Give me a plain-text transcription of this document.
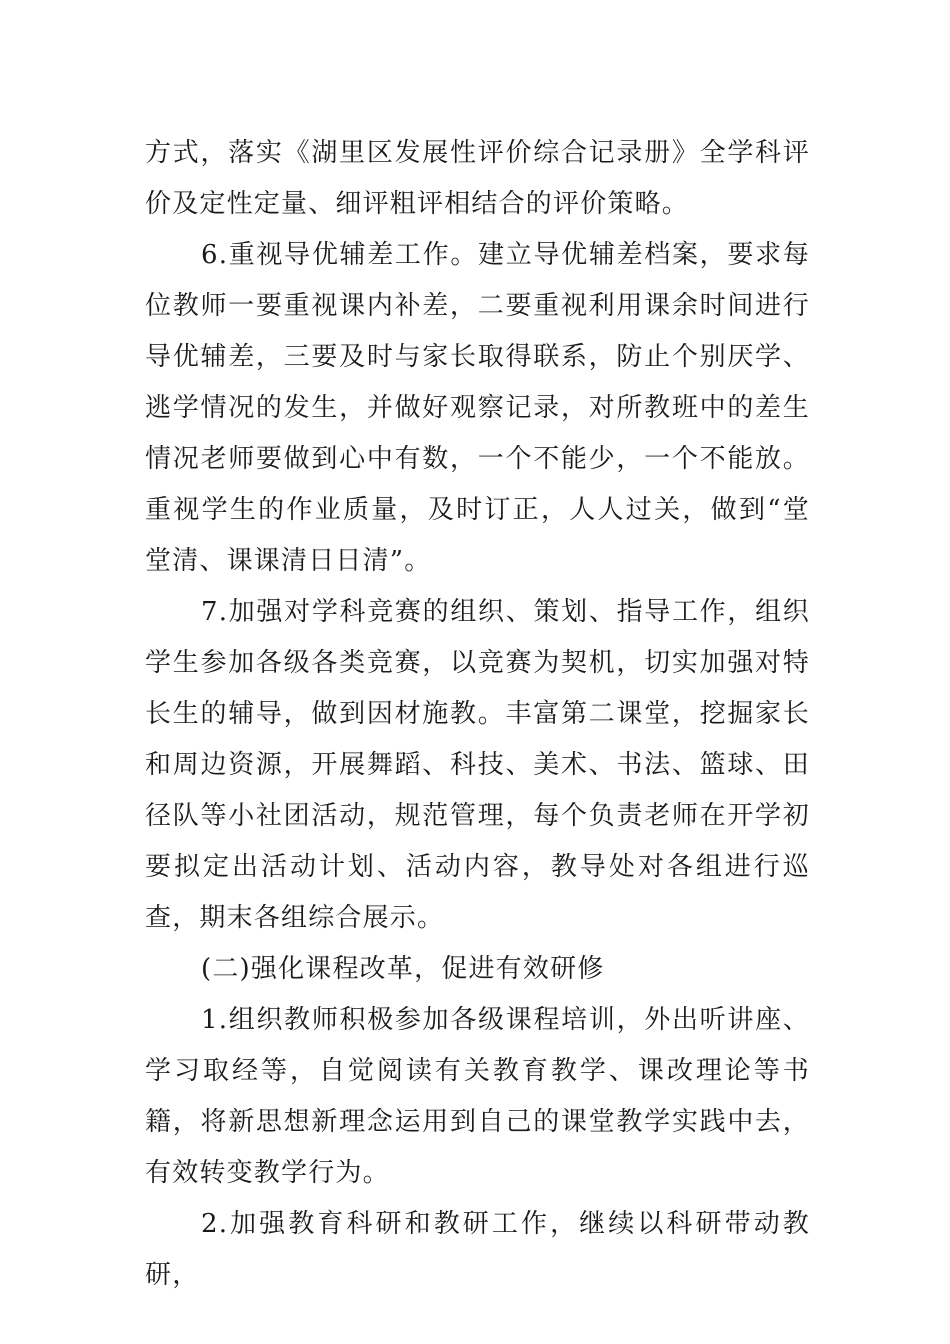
方式，落实《湖里区发展性评价综合记录册》全学科评价及定性定量、细评粗评相结合的评价策略。

6.重视导优辅差工作。建立导优辅差档案，要求每位教师一要重视课内补差，二要重视利用课余时间进行导优辅差，三要及时与家长取得联系，防止个别厌学、逃学情况的发生，并做好观察记录，对所教班中的差生情况老师要做到心中有数，一个不能少，一个不能放。 重视学生的作业质量，及时订正，人人过关，做到“堂堂清、课课清日日清”。

7.加强对学科竞赛的组织、策划、指导工作，组织学生参加各级各类竞赛，以竞赛为契机，切实加强对特长生的辅导，做到因材施教。丰富第二课堂，挖掘家长和周边资源，开展舞蹈、科技、美术、书法、篮球、田径队等小社团活动，规范管理，每个负责老师在开学初要拟定出活动计划、活动内容，教导处对各组进行巡查，期末各组综合展示。

(二)强化课程改革，促进有效研修

1.组织教师积极参加各级课程培训，外出听讲座、学习取经等，自觉阅读有关教育教学、课改理论等书籍，将新思想新理念运用到自己的课堂教学实践中去，有效转变教学行为。

2.加强教育科研和教研工作，继续以科研带动教研，
